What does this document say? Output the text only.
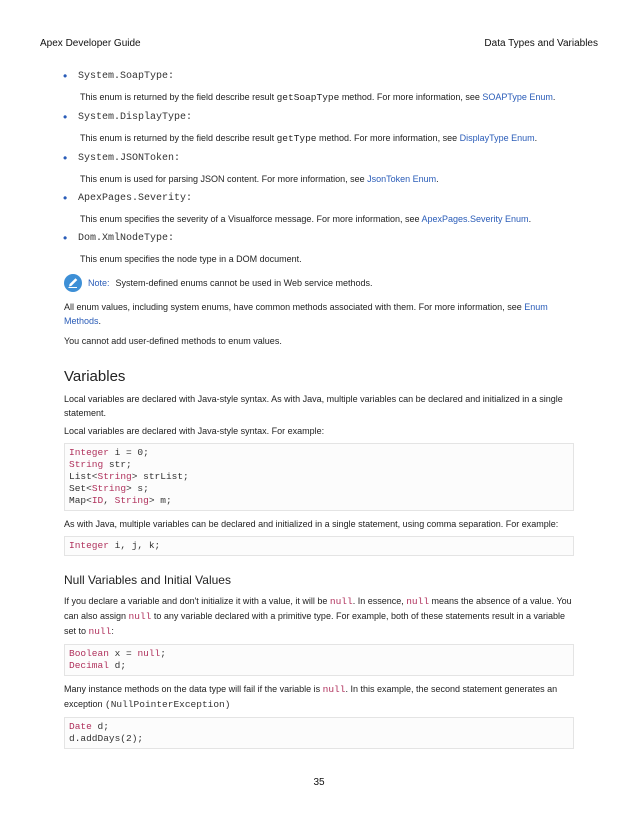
Apex Developer Guide	Data Types and Variables
• System.SoapType:

This enum is returned by the field describe result getSoapType method. For more information, see SOAPType Enum.

• System.DisplayType:

This enum is returned by the field describe result getType method. For more information, see DisplayType Enum.

• System.JSONToken:

This enum is used for parsing JSON content. For more information, see JsonToken Enum.

• ApexPages.Severity:

This enum specifies the severity of a Visualforce message. For more information, see ApexPages.Severity Enum.

• Dom.XmlNodeType:

This enum specifies the node type in a DOM document.

Note: System-defined enums cannot be used in Web service methods.

All enum values, including system enums, have common methods associated with them. For more information, see Enum Methods.

You cannot add user-defined methods to enum values.

Variables

Local variables are declared with Java-style syntax. As with Java, multiple variables can be declared and initialized in a single statement.

Local variables are declared with Java-style syntax. For example:

Integer i = 0;
String str;
List<String> strList;
Set<String> s;
Map<ID, String> m;

As with Java, multiple variables can be declared and initialized in a single statement, using comma separation. For example:

Integer i, j, k;
Null Variables and Initial Values

If you declare a variable and don't initialize it with a value, it will be null. In essence, null means the absence of a value. You can also assign null to any variable declared with a primitive type. For example, both of these statements result in a variable set to null:

Boolean x = null;
Decimal d;

Many instance methods on the data type will fail if the variable is null. In this example, the second statement generates an exception (NullPointerException)

Date d;
d.addDays(2);
35
